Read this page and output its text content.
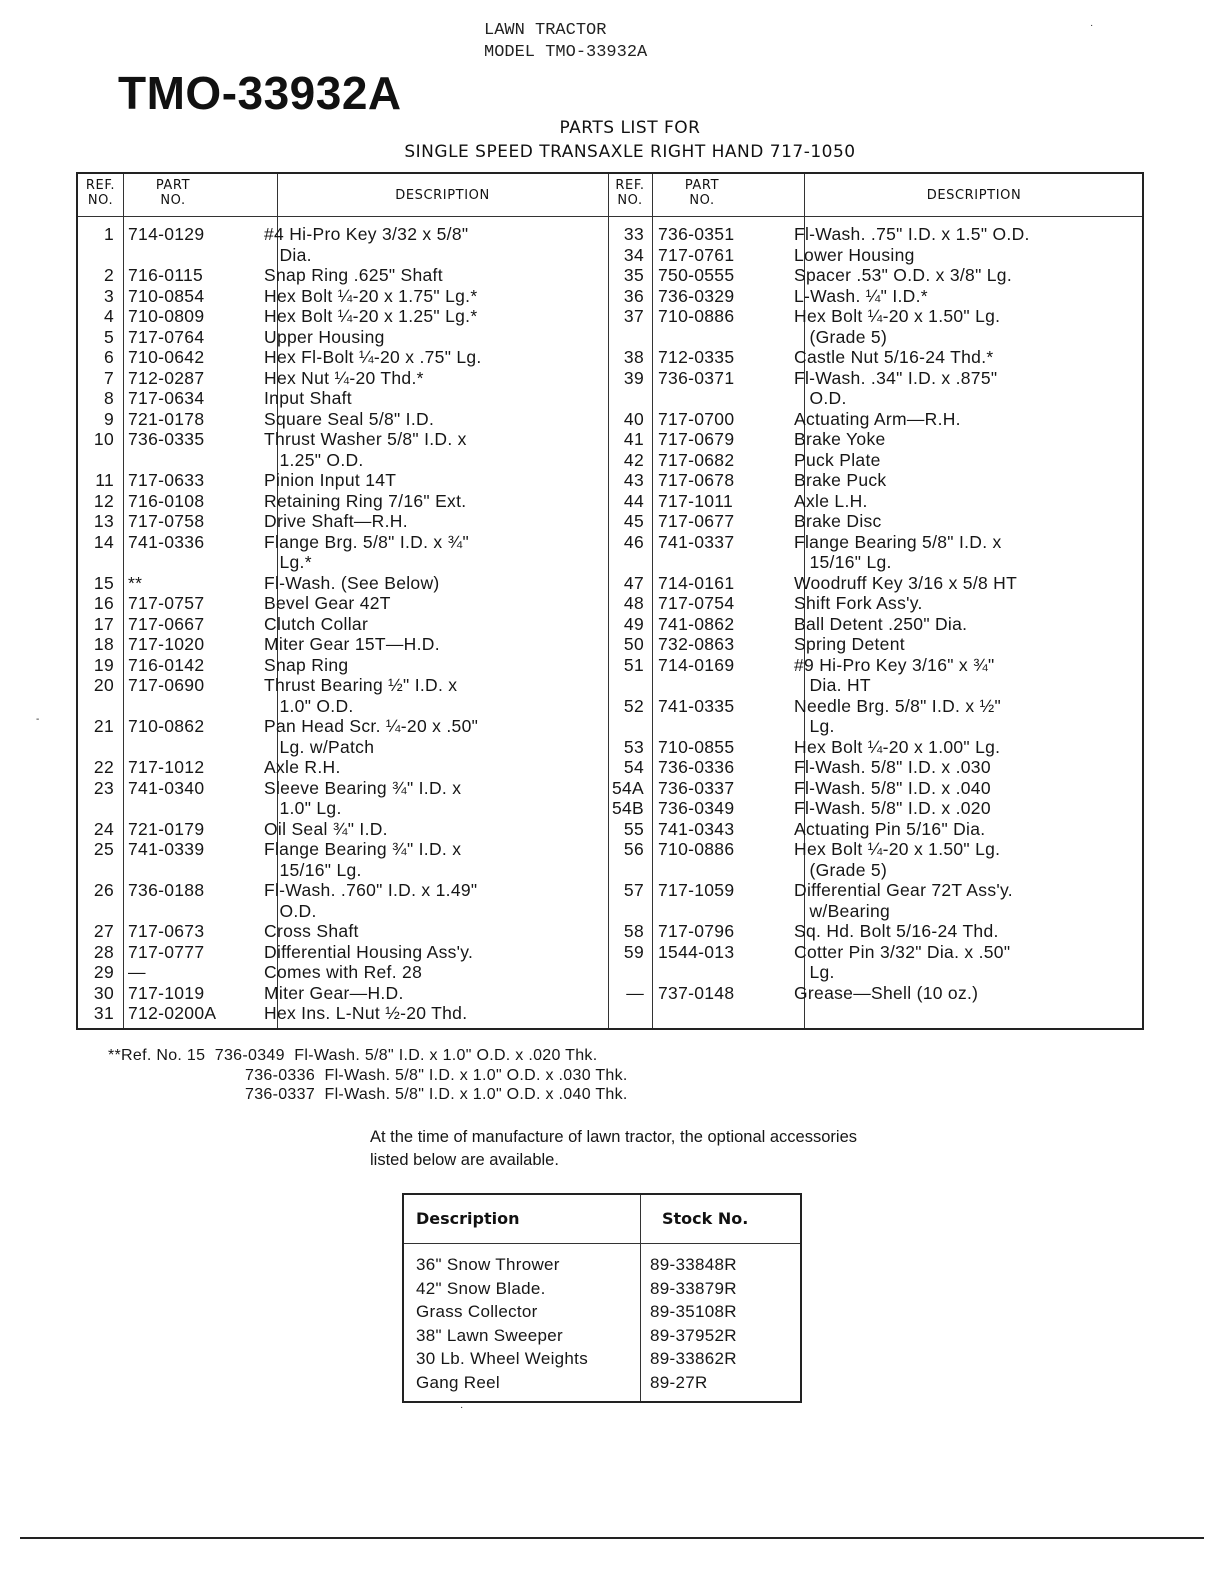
LAWN TRACTOR
MODEL TMO-33932A
TMO-33932A
PARTS LIST FOR
SINGLE SPEED TRANSAXLE RIGHT HAND 717-1050
·
-
·
REF.
NO.
PART
NO.	DESCRIPTION
REF.
NO.
PART
NO.	DESCRIPTION
1 714-0129	#4 Hi-Pro Key 3/32 x 5/8"
Dia.
2 716-0115	Snap Ring .625" Shaft
3 710-0854	Hex Bolt ¼-20 x 1.75" Lg.*
4 710-0809	Hex Bolt ¼-20 x 1.25" Lg.*
5 717-0764	Upper Housing
6 710-0642	Hex Fl-Bolt ¼-20 x .75" Lg.
7 712-0287	Hex Nut ¼-20 Thd.*
8 717-0634	Input Shaft
9 721-0178	Square Seal 5/8" I.D.
10 736-0335	Thrust Washer 5/8" I.D. x
1.25" O.D.
11 717-0633	Pinion Input 14T
12 716-0108	Retaining Ring 7/16" Ext.
13 717-0758	Drive Shaft—R.H.
14 741-0336	Flange Brg. 5/8" I.D. x ¾"
Lg.*
15 **	Fl-Wash. (See Below)
16 717-0757	Bevel Gear 42T
17 717-0667	Clutch Collar
18 717-1020	Miter Gear 15T—H.D.
19 716-0142	Snap Ring
20 717-0690	Thrust Bearing ½" I.D. x
1.0" O.D.
21 710-0862	Pan Head Scr. ¼-20 x .50"
Lg. w/Patch
22 717-1012	Axle R.H.
23 741-0340	Sleeve Bearing ¾" I.D. x
1.0" Lg.
24 721-0179	Oil Seal ¾" I.D.
25 741-0339	Flange Bearing ¾" I.D. x
15/16" Lg.
26 736-0188	Fl-Wash. .760" I.D. x 1.49"
O.D.
27 717-0673	Cross Shaft
28 717-0777	Differential Housing Ass'y.
29 —	Comes with Ref. 28
30 717-1019	Miter Gear—H.D.
31 712-0200A	Hex Ins. L-Nut ½-20 Thd.
33 736-0351	Fl-Wash. .75" I.D. x 1.5" O.D.
34 717-0761	Lower Housing
35 750-0555	Spacer .53" O.D. x 3/8" Lg.
36 736-0329	L-Wash. ¼" I.D.*
37 710-0886	Hex Bolt ¼-20 x 1.50" Lg.
(Grade 5)
38 712-0335	Castle Nut 5/16-24 Thd.*
39 736-0371	Fl-Wash. .34" I.D. x .875"
O.D.
40 717-0700	Actuating Arm—R.H.
41 717-0679	Brake Yoke
42 717-0682	Puck Plate
43 717-0678	Brake Puck
44 717-1011	Axle L.H.
45 717-0677	Brake Disc
46 741-0337	Flange Bearing 5/8" I.D. x
15/16" Lg.
47 714-0161	Woodruff Key 3/16 x 5/8 HT
48 717-0754	Shift Fork Ass'y.
49 741-0862	Ball Detent .250" Dia.
50 732-0863	Spring Detent
51 714-0169	#9 Hi-Pro Key 3/16" x ¾"
Dia. HT
52 741-0335	Needle Brg. 5/8" I.D. x ½"
Lg.
53 710-0855	Hex Bolt ¼-20 x 1.00" Lg.
54 736-0336	Fl-Wash. 5/8" I.D. x .030
54A 736-0337	Fl-Wash. 5/8" I.D. x .040
54B 736-0349	Fl-Wash. 5/8" I.D. x .020
55 741-0343	Actuating Pin 5/16" Dia.
56 710-0886	Hex Bolt ¼-20 x 1.50" Lg.
(Grade 5)
57 717-1059	Differential Gear 72T Ass'y.
w/Bearing
58 717-0796	Sq. Hd. Bolt 5/16-24 Thd.
59 1544-013	Cotter Pin 3/32" Dia. x .50"
Lg.
— 737-0148	Grease—Shell (10 oz.)
**Ref. No. 15  736-0349  Fl-Wash. 5/8" I.D. x 1.0" O.D. x .020 Thk.
736-0336  Fl-Wash. 5/8" I.D. x 1.0" O.D. x .030 Thk.
736-0337  Fl-Wash. 5/8" I.D. x 1.0" O.D. x .040 Thk.
At the time of manufacture of lawn tractor, the optional accessories listed below are available.
Description	Stock No.
36" Snow Thrower	89-33848R
42" Snow Blade.	89-33879R
Grass Collector	89-35108R
38" Lawn Sweeper	89-37952R
30 Lb. Wheel Weights	89-33862R
Gang Reel	89-27R
